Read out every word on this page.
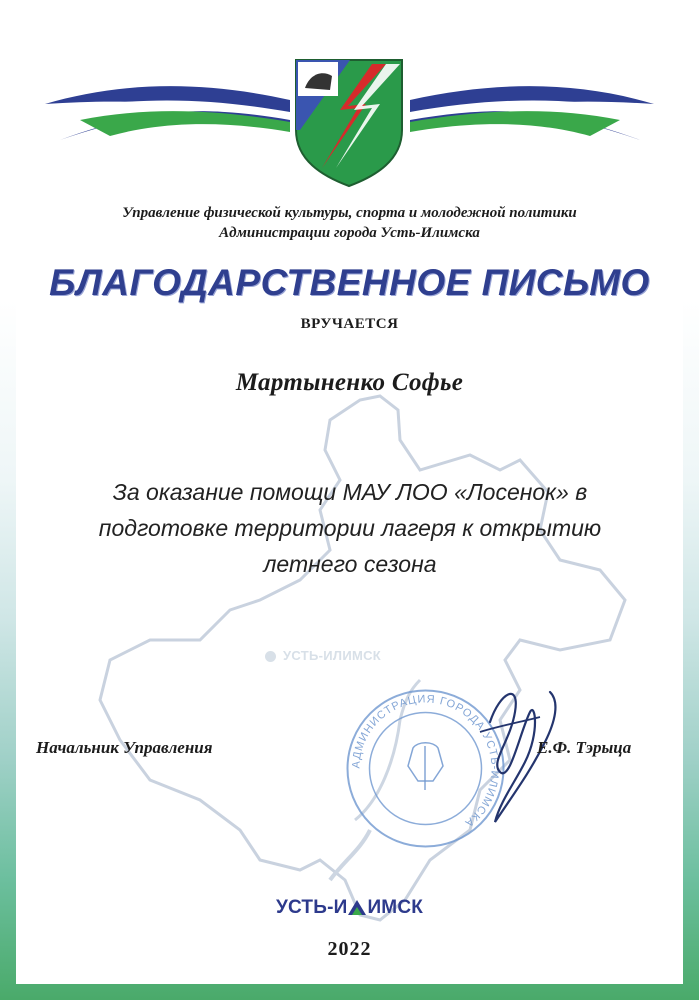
Управление физической культуры, спорта и молодежной политики
Администрации города Усть-Илимска
БЛАГОДАРСТВЕННОЕ ПИСЬМО
ВРУЧАЕТСЯ
Мартыненко Софье
За оказание помощи МАУ ЛОО «Лосенок» в
подготовке территории лагеря к открытию
летнего сезона
УСТЬ-ИЛИМСК
АДМИНИСТРАЦИЯ ГОРОДА УСТЬ-ИЛИМСКА
Начальник Управления	Е.Ф. Тэрыца
УСТЬ-И ИМСК
2022
